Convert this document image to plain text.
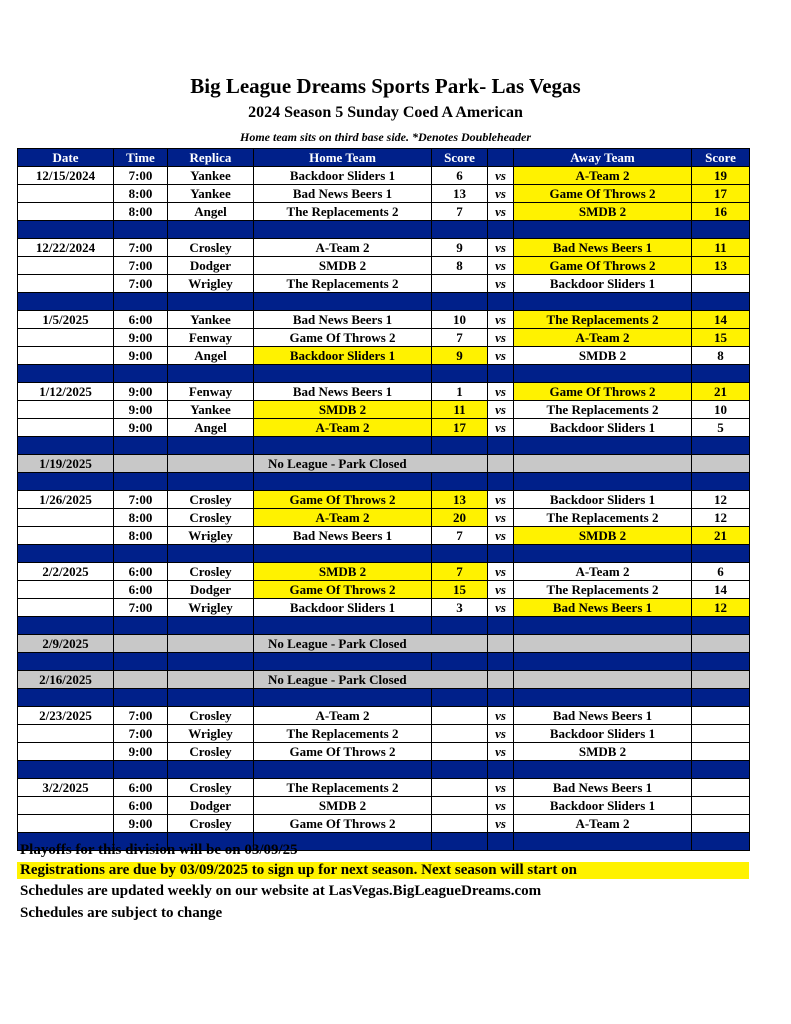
Big League Dreams Sports Park- Las Vegas
2024 Season 5 Sunday Coed A American
Home team sits on third base side. *Denotes Doubleheader
Date	Time	Replica	Home Team	Score		Away Team	Score
12/15/2024	7:00	Yankee	Backdoor Sliders 1	6	vs	A-Team 2	19
	8:00	Yankee	Bad News Beers 1	13	vs	Game Of Throws 2	17
	8:00	Angel	The Replacements 2	7	vs	SMDB 2	16

12/22/2024	7:00	Crosley	A-Team 2	9	vs	Bad News Beers 1	11
	7:00	Dodger	SMDB 2	8	vs	Game Of Throws 2	13
	7:00	Wrigley	The Replacements 2		vs	Backdoor Sliders 1	

1/5/2025	6:00	Yankee	Bad News Beers 1	10	vs	The Replacements 2	14
	9:00	Fenway	Game Of Throws 2	7	vs	A-Team 2	15
	9:00	Angel	Backdoor Sliders 1	9	vs	SMDB 2	8

1/12/2025	9:00	Fenway	Bad News Beers 1	1	vs	Game Of Throws 2	21
	9:00	Yankee	SMDB 2	11	vs	The Replacements 2	10
	9:00	Angel	A-Team 2	17	vs	Backdoor Sliders 1	5

1/19/2025			No League - Park Closed				

1/26/2025	7:00	Crosley	Game Of Throws 2	13	vs	Backdoor Sliders 1	12
	8:00	Crosley	A-Team 2	20	vs	The Replacements 2	12
	8:00	Wrigley	Bad News Beers 1	7	vs	SMDB 2	21

2/2/2025	6:00	Crosley	SMDB 2	7	vs	A-Team 2	6
	6:00	Dodger	Game Of Throws 2	15	vs	The Replacements 2	14
	7:00	Wrigley	Backdoor Sliders 1	3	vs	Bad News Beers 1	12

2/9/2025			No League - Park Closed				

2/16/2025			No League - Park Closed				

2/23/2025	7:00	Crosley	A-Team 2		vs	Bad News Beers 1	
	7:00	Wrigley	The Replacements 2		vs	Backdoor Sliders 1	
	9:00	Crosley	Game Of Throws 2		vs	SMDB 2	

3/2/2025	6:00	Crosley	The Replacements 2		vs	Bad News Beers 1	
	6:00	Dodger	SMDB 2		vs	Backdoor Sliders 1	
	9:00	Crosley	Game Of Throws 2		vs	A-Team 2	

Playoffs for this division will be on 03/09/25
Registrations are due by 03/09/2025 to sign up for next season. Next season will start on
Schedules are updated weekly on our website at LasVegas.BigLeagueDreams.com
Schedules are subject to change
